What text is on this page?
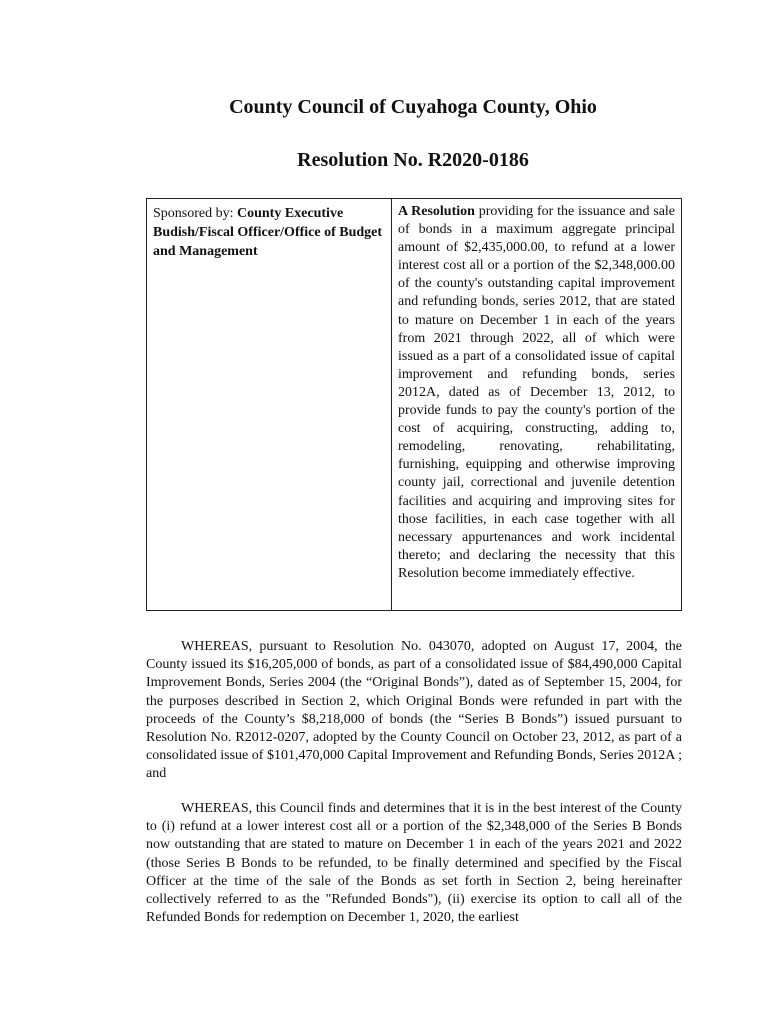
County Council of Cuyahoga County, Ohio
Resolution No. R2020-0186
Sponsored by: County Executive Budish/Fiscal Officer/Office of Budget and Management
A Resolution providing for the issuance and sale of bonds in a maximum aggregate principal amount of $2,435,000.00, to refund at a lower interest cost all or a portion of the $2,348,000.00 of the county's outstanding capital improvement and refunding bonds, series 2012, that are stated to mature on December 1 in each of the years from 2021 through 2022, all of which were issued as a part of a consolidated issue of capital improvement and refunding bonds, series 2012A, dated as of December 13, 2012, to provide funds to pay the county's portion of the cost of acquiring, constructing, adding to, remodeling, renovating, rehabilitating, furnishing, equipping and otherwise improving county jail, correctional and juvenile detention facilities and acquiring and improving sites for those facilities, in each case together with all necessary appurtenances and work incidental thereto; and declaring the necessity that this Resolution become immediately effective.

WHEREAS, pursuant to Resolution No. 043070, adopted on August 17, 2004, the County issued its $16,205,000 of bonds, as part of a consolidated issue of $84,490,000 Capital Improvement Bonds, Series 2004 (the “Original Bonds”), dated as of September 15, 2004, for the purposes described in Section 2, which Original Bonds were refunded in part with the proceeds of the County’s $8,218,000 of bonds (the “Series B Bonds”) issued pursuant to Resolution No. R2012-0207, adopted by the County Council on October 23, 2012, as part of a consolidated issue of $101,470,000 Capital Improvement and Refunding Bonds, Series 2012A ; and

WHEREAS, this Council finds and determines that it is in the best interest of the County to (i) refund at a lower interest cost all or a portion of the $2,348,000 of the Series B Bonds now outstanding that are stated to mature on December 1 in each of the years 2021 and 2022 (those Series B Bonds to be refunded, to be finally determined and specified by the Fiscal Officer at the time of the sale of the Bonds as set forth in Section 2, being hereinafter collectively referred to as the "Refunded Bonds"), (ii) exercise its option to call all of the Refunded Bonds for redemption on December 1, 2020, the earliest
